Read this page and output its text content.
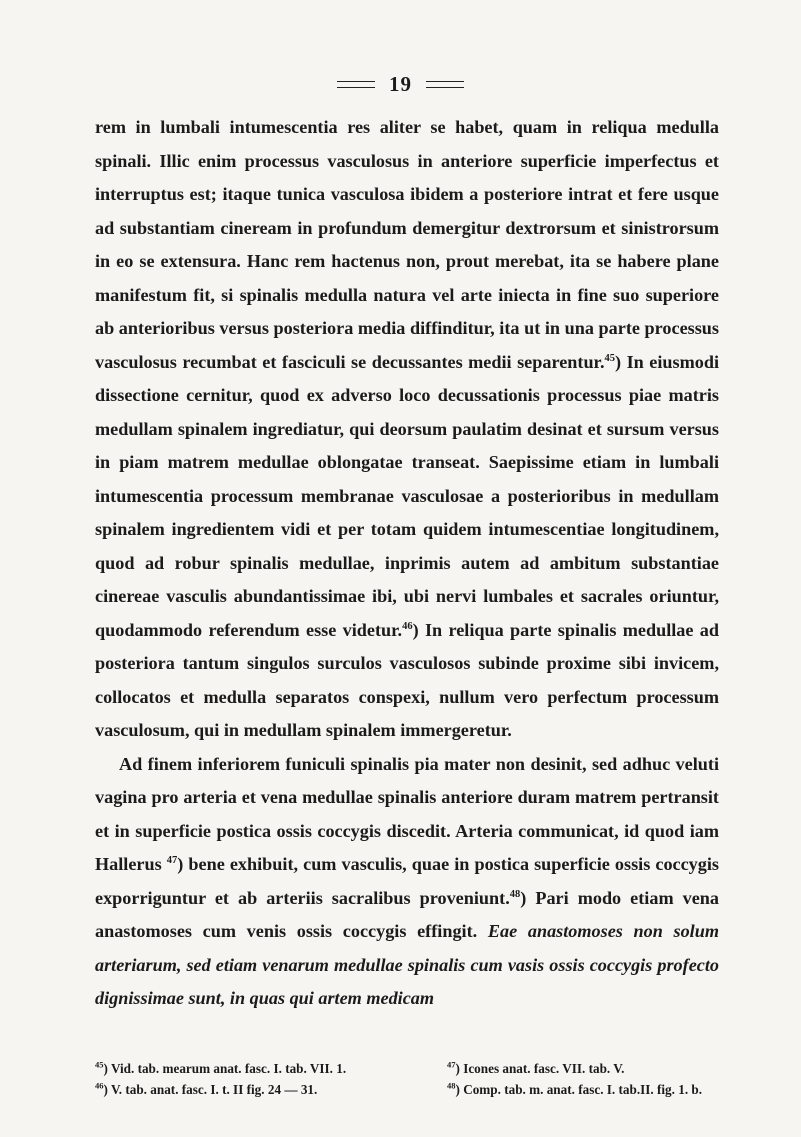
19

rem in lumbali intumescentia res aliter se habet, quam in reliqua medulla spinali. Illic enim processus vasculosus in anteriore superficie imperfectus et interruptus est; itaque tunica vasculosa ibidem a posteriore intrat et fere usque ad substantiam cineream in profundum demergitur dextrorsum et sinistrorsum in eo se extensura. Hanc rem hactenus non, prout merebat, ita se habere plane manifestum fit, si spinalis medulla natura vel arte iniecta in fine suo superiore ab anterioribus versus posteriora media diffinditur, ita ut in una parte processus vasculosus recumbat et fasciculi se decussantes medii separentur.$^{45}$) In eiusmodi dissectione cernitur, quod ex adverso loco decussationis processus piae matris medullam spinalem ingrediatur, qui deorsum paulatim desinat et sursum versus in piam matrem medullae oblongatae transeat. Saepissime etiam in lumbali intumescentia processum membranae vasculosae a posterioribus in medullam spinalem ingredientem vidi et per totam quidem intumescentiae longitudinem, quod ad robur spinalis medullae, inprimis autem ad ambitum substantiae cinereae vasculis abundantissimae ibi, ubi nervi lumbales et sacrales oriuntur, quodammodo referendum esse videtur.$^{46}$) In reliqua parte spinalis medullae ad posteriora tantum singulos surculos vasculosos subinde proxime sibi invicem, collocatos et medulla separatos conspexi, nullum vero perfectum processum vasculosum, qui in medullam spinalem immergeretur.

Ad finem inferiorem funiculi spinalis pia mater non desinit, sed adhuc veluti vagina pro arteria et vena medullae spinalis anteriore duram matrem pertransit et in superficie postica ossis coccygis discedit. Arteria communicat, id quod iam Hallerus $^{47}$) bene exhibuit, cum vasculis, quae in postica superficie ossis coccygis exporriguntur et ab arteriis sacralibus proveniunt.$^{48}$) Pari modo etiam vena anastomoses cum venis ossis coccygis effingit. Eae anastomoses non solum arteriarum, sed etiam venarum medullae spinalis cum vasis ossis coccygis profecto dignissimae sunt, in quas qui artem medicam

$^{45}$) Vid. tab. mearum anat. fasc. I. tab. VII. 1.	$^{47}$) Icones anat. fasc. VII. tab. V.
$^{46}$) V. tab. anat. fasc. I. t. II fig. 24 — 31.	$^{48}$) Comp. tab. m. anat. fasc. I. tab.II. fig. 1. b.
